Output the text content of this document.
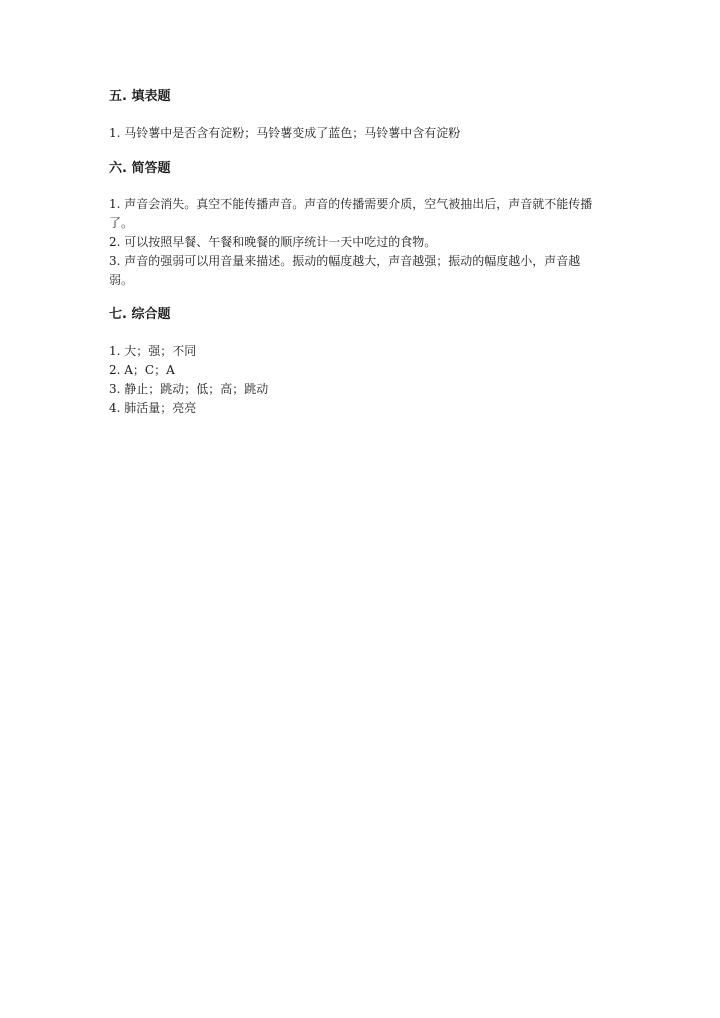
五. 填表题

1. 马铃薯中是否含有淀粉；马铃薯变成了蓝色；马铃薯中含有淀粉

六. 简答题

1. 声音会消失。真空不能传播声音。声音的传播需要介质，空气被抽出后，声音就不能传播了。

2. 可以按照早餐、午餐和晚餐的顺序统计一天中吃过的食物。

3. 声音的强弱可以用音量来描述。振动的幅度越大，声音越强；振动的幅度越小，声音越弱。

七. 综合题

1. 大；强；不同

2. A；C；A

3. 静止；跳动；低；高；跳动

4. 肺活量；亮亮
